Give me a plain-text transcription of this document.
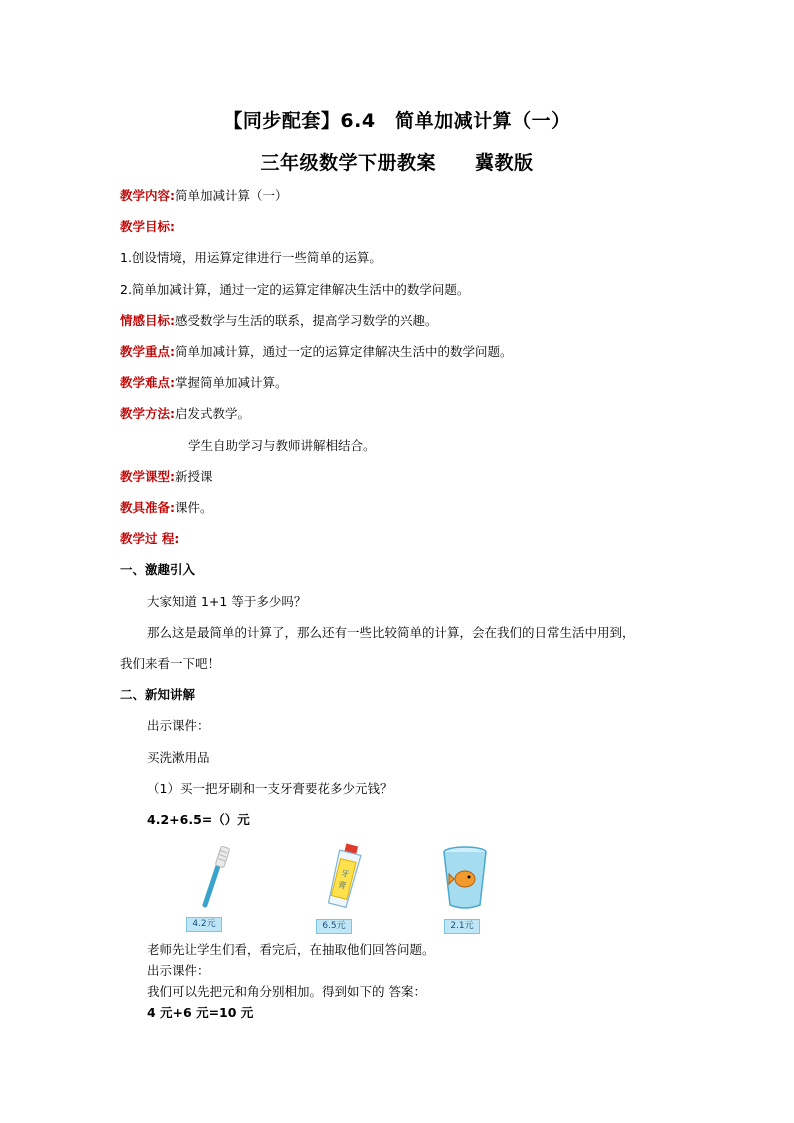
【同步配套】6.4　简单加减计算（一）
三年级数学下册教案　　冀教版
教学内容:简单加减计算（一）
教学目标:
1.创设情境，用运算定律进行一些简单的运算。
2.简单加减计算，通过一定的运算定律解决生活中的数学问题。
情感目标:感受数学与生活的联系，提高学习数学的兴趣。
教学重点:简单加减计算，通过一定的运算定律解决生活中的数学问题。
教学难点:掌握简单加减计算。
教学方法:启发式教学。
学生自助学习与教师讲解相结合。
教学课型:新授课
教具准备:课件。
教学过 程:
一、激趣引入
大家知道 1+1 等于多少吗？
那么这是最简单的计算了，那么还有一些比较简单的计算，会在我们的日常生活中用到，
我们来看一下吧！
二、新知讲解
出示课件：
买洗漱用品
（1）买一把牙刷和一支牙膏要花多少元钱？
4.2+6.5=（）元
4.2元
牙
膏
6.5元	2.1元
老师先让学生们看，看完后，在抽取他们回答问题。
出示课件：
我们可以先把元和角分别相加。得到如下的 答案：
4 元+6 元=10 元
